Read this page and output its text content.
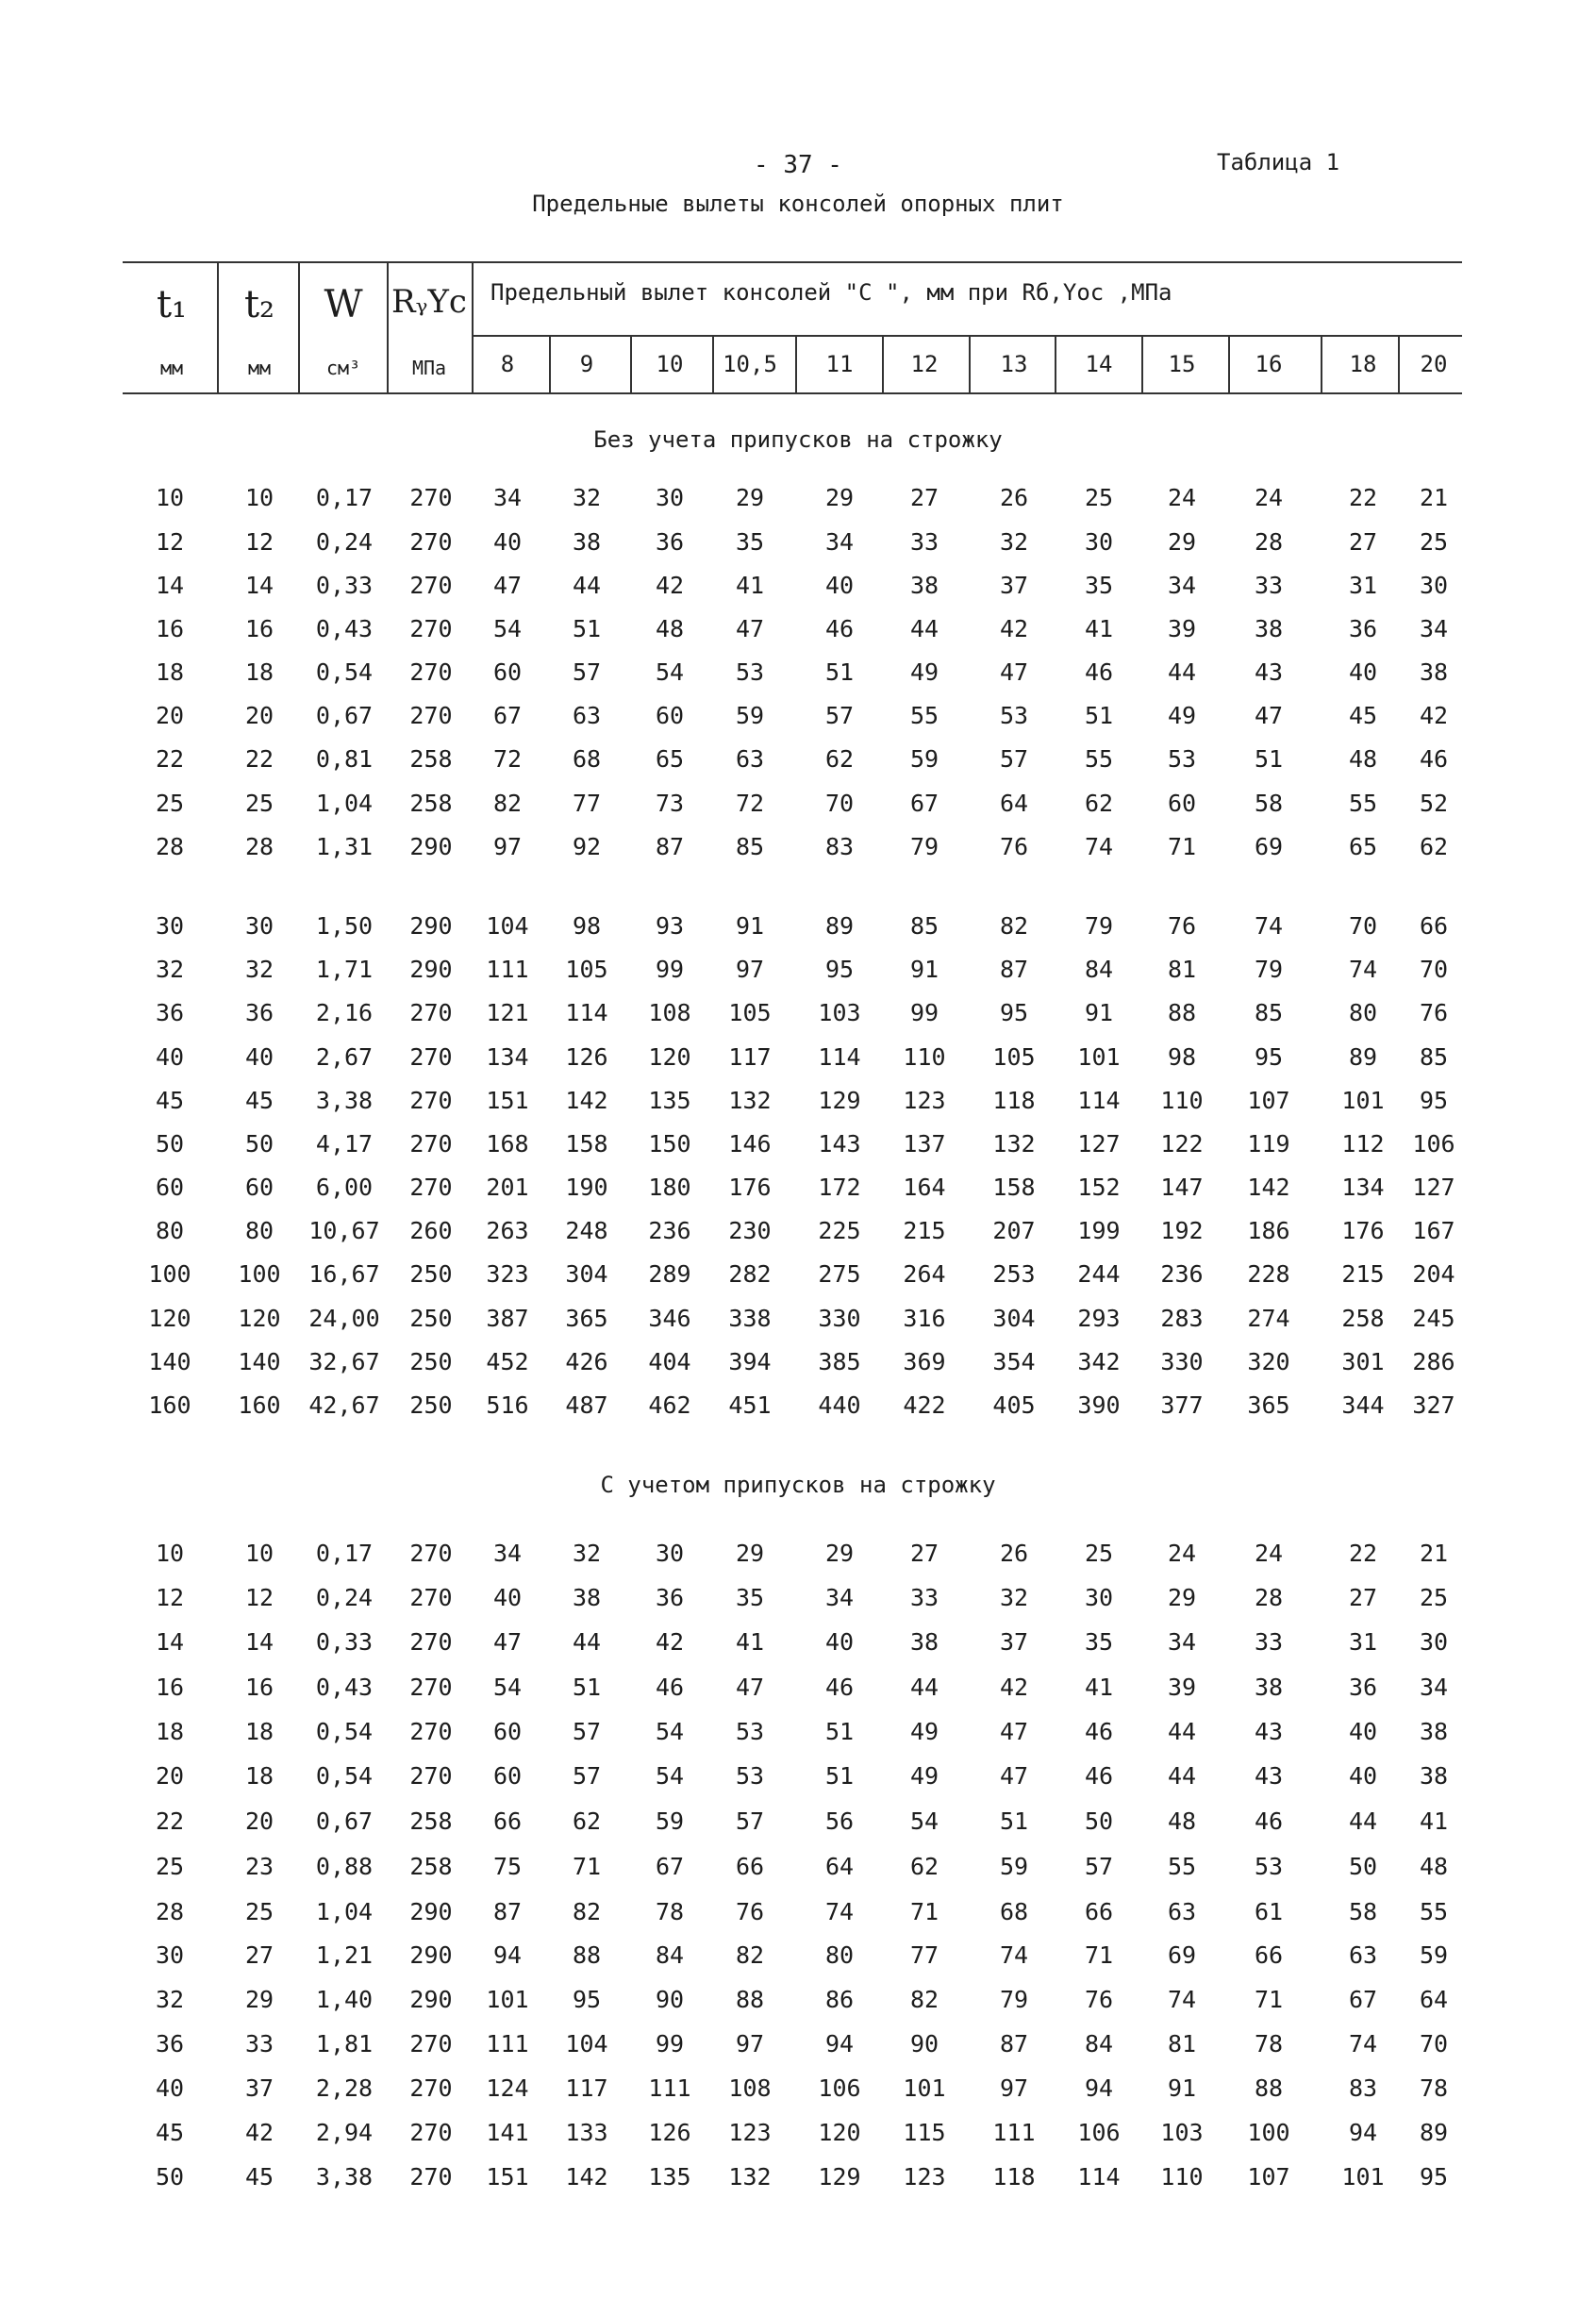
- 37 -	Таблица 1
Предельные вылеты консолей опорных плит
t₁	t₂	W RᵧΥc
мм	мм	см³	МПа
Предельный вылет консолей "С ", мм при Rб,Υос ,МПа
8	9	10	10,5	11	12	13	14	15	16	18	20
Без учета припусков на строжку
10	10	0,17	270	34	32	30	29	29	27	26	25	24	24	22	21
12	12	0,24	270	40	38	36	35	34	33	32	30	29	28	27	25
14	14	0,33	270	47	44	42	41	40	38	37	35	34	33	31	30
16	16	0,43	270	54	51	48	47	46	44	42	41	39	38	36	34
18	18	0,54	270	60	57	54	53	51	49	47	46	44	43	40	38
20	20	0,67	270	67	63	60	59	57	55	53	51	49	47	45	42
22	22	0,81	258	72	68	65	63	62	59	57	55	53	51	48	46
25	25	1,04	258	82	77	73	72	70	67	64	62	60	58	55	52
28	28	1,31	290	97	92	87	85	83	79	76	74	71	69	65	62
30	30	1,50	290	104	98	93	91	89	85	82	79	76	74	70	66
32	32	1,71	290	111	105	99	97	95	91	87	84	81	79	74	70
36	36	2,16	270	121	114	108	105	103	99	95	91	88	85	80	76
40	40	2,67	270	134	126	120	117	114	110	105	101	98	95	89	85
45	45	3,38	270	151	142	135	132	129	123	118	114	110	107	101	95
50	50	4,17	270	168	158	150	146	143	137	132	127	122	119	112	106
60	60	6,00	270	201	190	180	176	172	164	158	152	147	142	134	127
80	80	10,67	260	263	248	236	230	225	215	207	199	192	186	176	167
100	100	16,67	250	323	304	289	282	275	264	253	244	236	228	215	204
120	120	24,00	250	387	365	346	338	330	316	304	293	283	274	258	245
140	140	32,67	250	452	426	404	394	385	369	354	342	330	320	301	286
160	160	42,67	250	516	487	462	451	440	422	405	390	377	365	344	327
С учетом припусков на строжку
10	10	0,17	270	34	32	30	29	29	27	26	25	24	24	22	21
12	12	0,24	270	40	38	36	35	34	33	32	30	29	28	27	25
14	14	0,33	270	47	44	42	41	40	38	37	35	34	33	31	30
16	16	0,43	270	54	51	46	47	46	44	42	41	39	38	36	34
18	18	0,54	270	60	57	54	53	51	49	47	46	44	43	40	38
20	18	0,54	270	60	57	54	53	51	49	47	46	44	43	40	38
22	20	0,67	258	66	62	59	57	56	54	51	50	48	46	44	41
25	23	0,88	258	75	71	67	66	64	62	59	57	55	53	50	48
28	25	1,04	290	87	82	78	76	74	71	68	66	63	61	58	55
30	27	1,21	290	94	88	84	82	80	77	74	71	69	66	63	59
32	29	1,40	290	101	95	90	88	86	82	79	76	74	71	67	64
36	33	1,81	270	111	104	99	97	94	90	87	84	81	78	74	70
40	37	2,28	270	124	117	111	108	106	101	97	94	91	88	83	78
45	42	2,94	270	141	133	126	123	120	115	111	106	103	100	94	89
50	45	3,38	270	151	142	135	132	129	123	118	114	110	107	101	95
